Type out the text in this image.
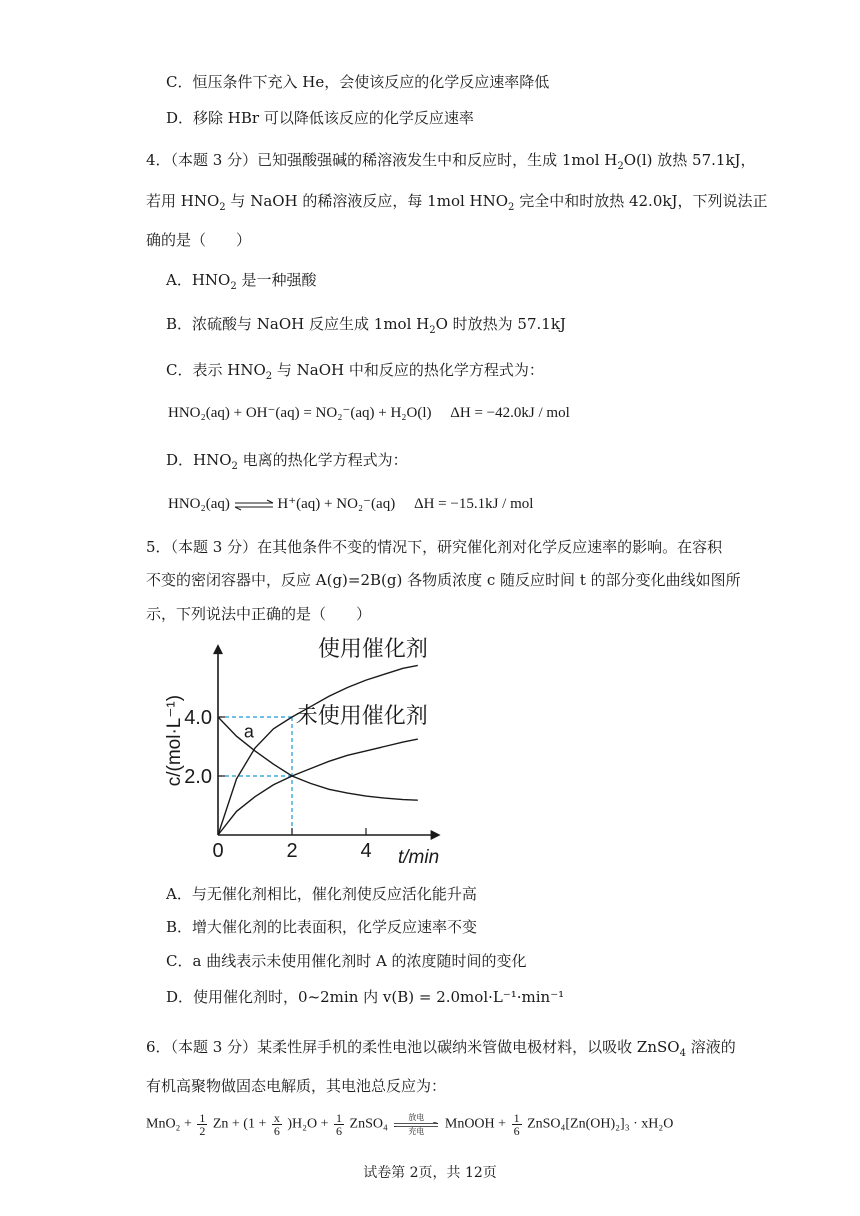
C．恒压条件下充入 He，会使该反应的化学反应速率降低
D．移除 HBr 可以降低该反应的化学反应速率
4．（本题 3 分）已知强酸强碱的稀溶液发生中和反应时，生成 1mol $H_2O(l)$ 放热 57.1kJ，
若用 $HNO_2$ 与 NaOH 的稀溶液反应，每 1mol $HNO_2$ 完全中和时放热 42.0kJ，下列说法正
确的是（　　）
A．$HNO_2$ 是一种强酸
B．浓硫酸与 NaOH 反应生成 1mol $H_2O$ 时放热为 57.1kJ
C．表示 $HNO_2$ 与 NaOH 中和反应的热化学方程式为：
HNO₂(aq) + OH⁻(aq) = NO₂⁻(aq) + H₂O(l)　 ΔH = −42.0kJ / mol
D．$HNO_2$ 电离的热化学方程式为：
HNO₂(aq) ⇌ H⁺(aq) + NO₂⁻(aq)　 ΔH = −15.1kJ / mol
5．（本题 3 分）在其他条件不变的情况下，研究催化剂对化学反应速率的影响。在容积
不变的密闭容器中，反应 A(g)=2B(g) 各物质浓度 c 随反应时间 t 的部分变化曲线如图所
示，下列说法中正确的是（　　）
0	2	4
2.0
4.0
t/min
c/(mol·L⁻¹)
使用催化剂
未使用催化剂
a
A．与无催化剂相比，催化剂使反应活化能升高
B．增大催化剂的比表面积，化学反应速率不变
C．a 曲线表示未使用催化剂时 A 的浓度随时间的变化
D．使用催化剂时，0~2min 内 v(B) = 2.0mol·L⁻¹·min⁻¹
6．（本题 3 分）某柔性屏手机的柔性电池以碳纳米管做电极材料，以吸收 ZnSO$_4$ 溶液的
有机高聚物做固态电解质，其电池总反应为：
$MnO_2 + \frac{1}{2}$ $Zn + (1 + \frac{x}{6} )H_2O + \frac{1}{6}$ ZnSO₄	放电
充电	MnOOH + $\frac{1}{6}$ ZnSO₄[Zn(OH)₂]₃ · xH₂O
试卷第 2页，共 12页
